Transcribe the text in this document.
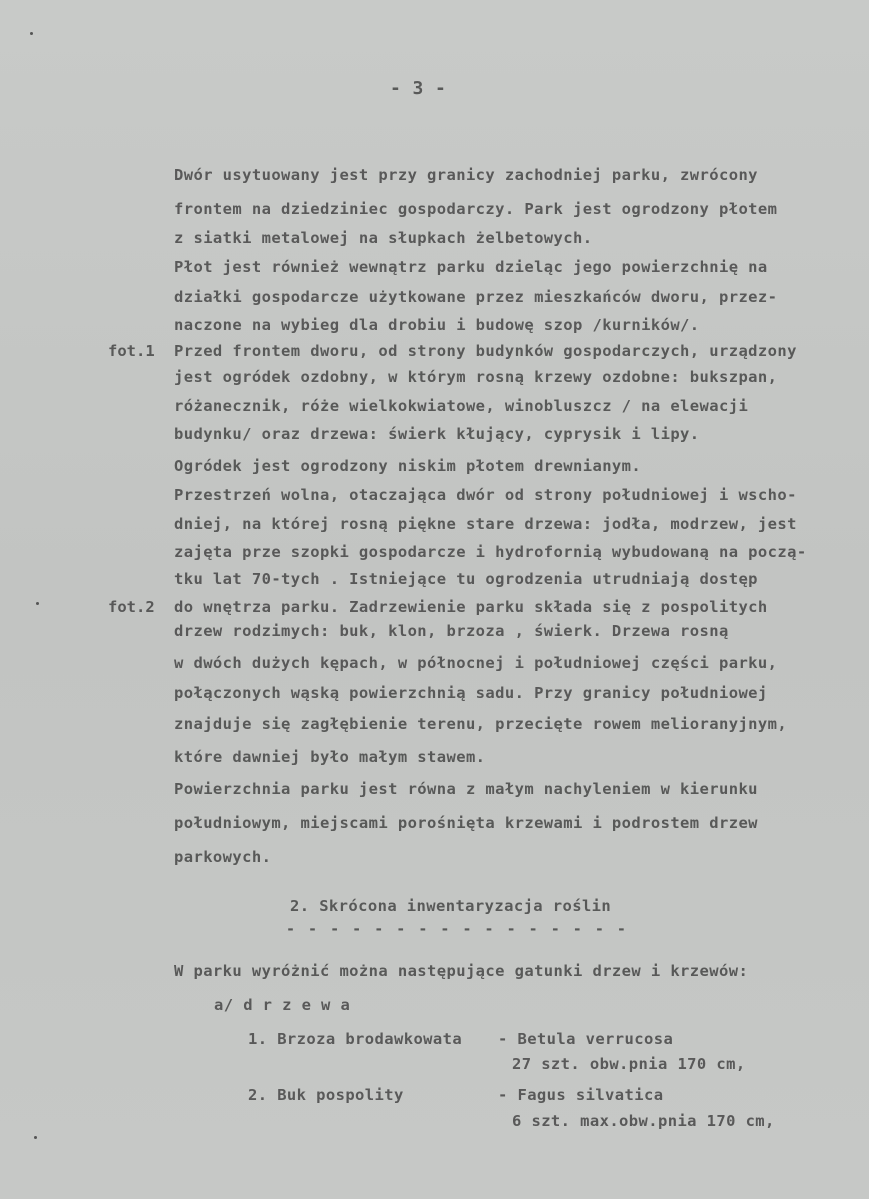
- 3 -
Dwór usytuowany jest przy granicy zachodniej parku, zwrócony
frontem na dziedziniec gospodarczy. Park jest ogrodzony płotem
z siatki metalowej na słupkach żelbetowych.
Płot jest również wewnątrz parku dzieląc jego powierzchnię na
działki gospodarcze użytkowane przez mieszkańców dworu, przez-
naczone na wybieg dla drobiu i budowę szop /kurników/.
fot.1 Przed frontem dworu, od strony budynków gospodarczych, urządzony
jest ogródek ozdobny, w którym rosną krzewy ozdobne: bukszpan,
różanecznik, róże wielkokwiatowe, winobluszcz / na elewacji
budynku/ oraz drzewa: świerk kłujący, cyprysik i lipy.
Ogródek jest ogrodzony niskim płotem drewnianym.
Przestrzeń wolna, otaczająca dwór od strony południowej i wscho-
dniej, na której rosną piękne stare drzewa: jodła, modrzew, jest
zajęta prze szopki gospodarcze i hydrofornią wybudowaną na począ-
tku lat 70-tych . Istniejące tu ogrodzenia utrudniają dostęp
fot.2 do wnętrza parku. Zadrzewienie parku składa się z pospolitych
drzew rodzimych: buk, klon, brzoza , świerk. Drzewa rosną
w dwóch dużych kępach, w północnej i południowej części parku,
połączonych wąską powierzchnią sadu. Przy granicy południowej
znajduje się zagłębienie terenu, przecięte rowem melioranyjnym,
które dawniej było małym stawem.
Powierzchnia parku jest równa z małym nachyleniem w kierunku
południowym, miejscami porośnięta krzewami i podrostem drzew
parkowych.
2. Skrócona inwentaryzacja roślin
- - - - - - - - - - - - - - - -
W parku wyróżnić można następujące gatunki drzew i krzewów:
a/ d r z e w a
1. Brzoza brodawkowata - Betula verrucosa
27 szt. obw.pnia 170 cm,
2. Buk pospolity	- Fagus silvatica
6 szt. max.obw.pnia 170 cm,
